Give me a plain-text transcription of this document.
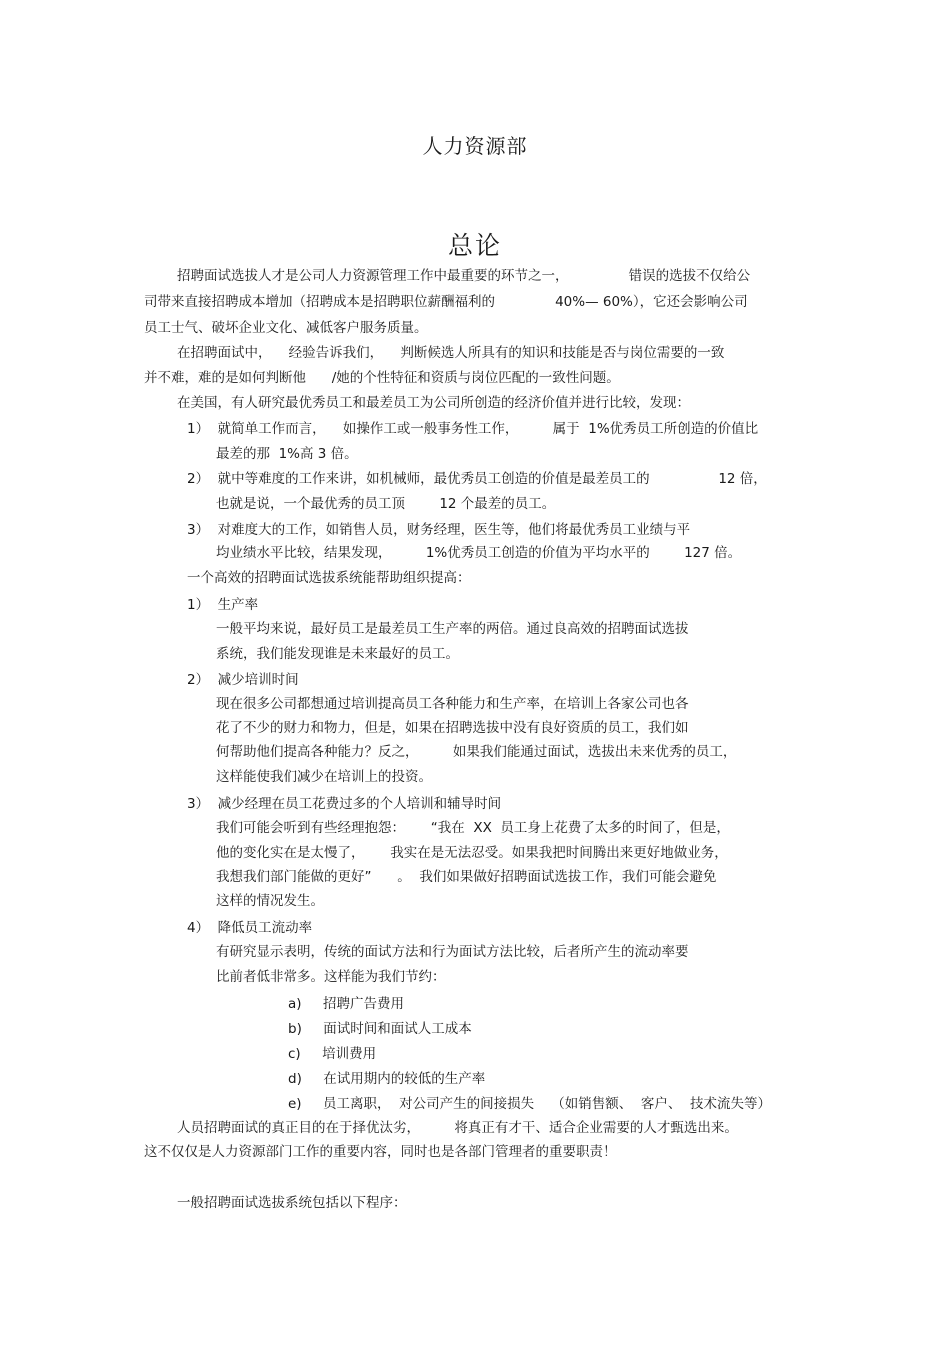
人力资源部
总论
招聘面试选拔人才是公司人力资源管理工作中最重要的环节之一，              错误的选拔不仅给公
司带来直接招聘成本增加（招聘成本是招聘职位薪酬福利的              40%— 60%），它还会影响公司
员工士气、破坏企业文化、减低客户服务质量。
在招聘面试中，    经验告诉我们，    判断候选人所具有的知识和技能是否与岗位需要的一致
并不难，难的是如何判断他      /她的个性特征和资质与岗位匹配的一致性问题。
在美国，有人研究最优秀员工和最差员工为公司所创造的经济价值并进行比较，发现：
1）  就简单工作而言，    如操作工或一般事务性工作，        属于  1%优秀员工所创造的价值比
最差的那  1%高 3 倍。
2）  就中等难度的工作来讲，如机械师，最优秀员工创造的价值是最差员工的                12 倍，
也就是说，一个最优秀的员工顶        12 个最差的员工。
3）  对难度大的工作，如销售人员，财务经理，医生等，他们将最优秀员工业绩与平
均业绩水平比较，结果发现，        1%优秀员工创造的价值为平均水平的        127 倍。
一个高效的招聘面试选拔系统能帮助组织提高：
1）  生产率
一般平均来说，最好员工是最差员工生产率的两倍。通过良高效的招聘面试选拔
系统，我们能发现谁是未来最好的员工。
2）  减少培训时间
现在很多公司都想通过培训提高员工各种能力和生产率，在培训上各家公司也各
花了不少的财力和物力，但是，如果在招聘选拔中没有良好资质的员工，我们如
何帮助他们提高各种能力？反之，        如果我们能通过面试，选拔出未来优秀的员工，
这样能使我们减少在培训上的投资。
3）  减少经理在员工花费过多的个人培训和辅导时间
我们可能会听到有些经理抱怨：      “我在  XX  员工身上花费了太多的时间了，但是，
他的变化实在是太慢了，      我实在是无法忍受。如果我把时间腾出来更好地做业务，
我想我们部门能做的更好”      。  我们如果做好招聘面试选拔工作，我们可能会避免
这样的情况发生。
4）  降低员工流动率
有研究显示表明，传统的面试方法和行为面试方法比较，后者所产生的流动率要
比前者低非常多。这样能为我们节约：
a)     招聘广告费用
b)     面试时间和面试人工成本
c)     培训费用
d)     在试用期内的较低的生产率
e)     员工离职，  对公司产生的间接损失    （如销售额、  客户、  技术流失等）
人员招聘面试的真正目的在于择优汰劣，        将真正有才干、适合企业需要的人才甄选出来。
这不仅仅是人力资源部门工作的重要内容，同时也是各部门管理者的重要职责！
一般招聘面试选拔系统包括以下程序：
